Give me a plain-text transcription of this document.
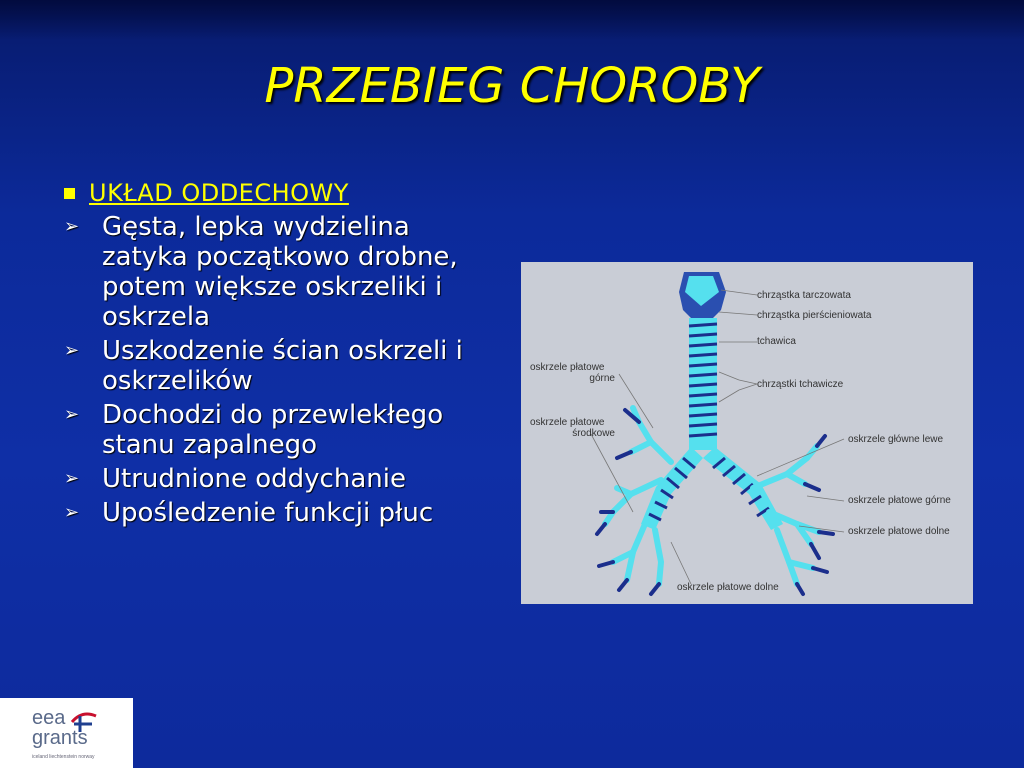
PRZEBIEG CHOROBY
UKŁAD ODDECHOWY
➢ Gęsta, lepka wydzielina zatyka początkowo drobne, potem większe oskrzeliki i oskrzela
➢ Uszkodzenie ścian oskrzeli i oskrzelików
➢ Dochodzi do przewlekłego stanu zapalnego
➢ Utrudnione oddychanie
➢ Upośledzenie funkcji płuc
chrząstka tarczowata
chrząstka pierścieniowata
tchawica
chrząstki tchawicze
oskrzele płatowe
górne
oskrzele płatowe
środkowe
oskrzele główne lewe
oskrzele płatowe górne
oskrzele płatowe dolne
oskrzele płatowe dolne
eea
grants
iceland liechtenstein norway
